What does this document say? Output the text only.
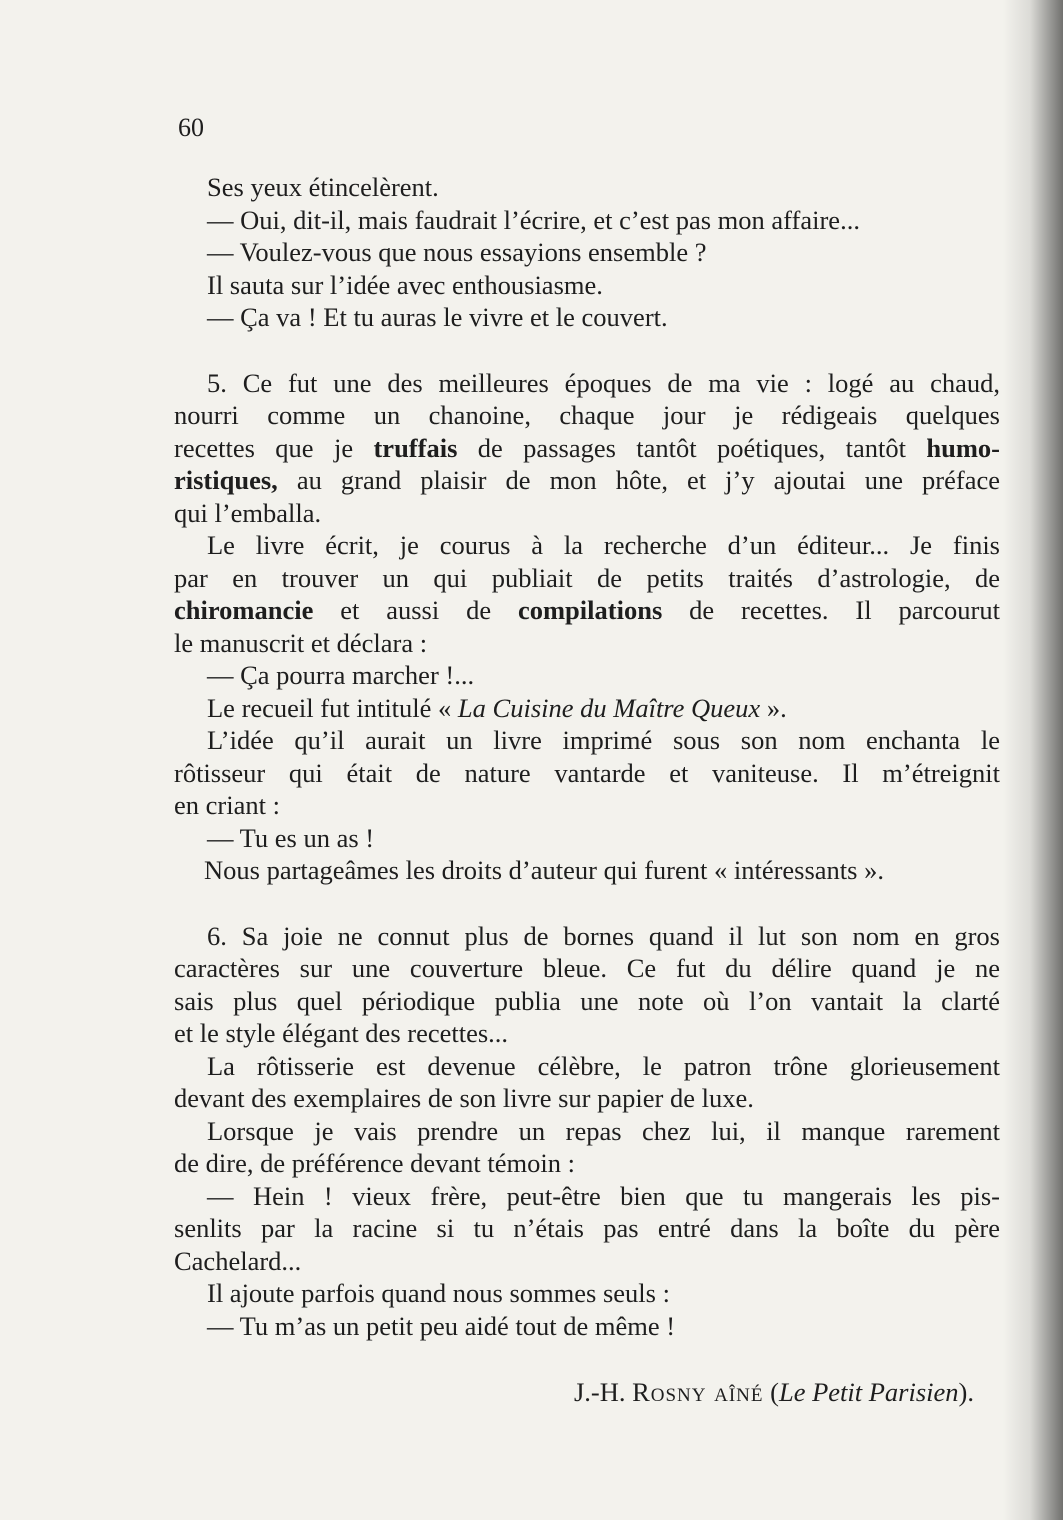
60
Ses yeux étincelèrent.
— Oui, dit-il, mais faudrait l’écrire, et c’est pas mon affaire...
— Voulez-vous que nous essayions ensemble ?
Il sauta sur l’idée avec enthousiasme.
— Ça va ! Et tu auras le vivre et le couvert.
5. Ce fut une des meilleures époques de ma vie : logé au chaud,
nourri comme un chanoine, chaque jour je rédigeais quelques
recettes que je truffais de passages tantôt poétiques, tantôt humo-
ristiques, au grand plaisir de mon hôte, et j’y ajoutai une préface
qui l’emballa.
Le livre écrit, je courus à la recherche d’un éditeur... Je finis
par en trouver un qui publiait de petits traités d’astrologie, de
chiromancie et aussi de compilations de recettes. Il parcourut
le manuscrit et déclara :
— Ça pourra marcher !...
Le recueil fut intitulé « La Cuisine du Maître Queux ».
L’idée qu’il aurait un livre imprimé sous son nom enchanta le
rôtisseur qui était de nature vantarde et vaniteuse. Il m’étreignit
en criant :
— Tu es un as !
Nous partageâmes les droits d’auteur qui furent « intéressants ».
6. Sa joie ne connut plus de bornes quand il lut son nom en gros
caractères sur une couverture bleue. Ce fut du délire quand je ne
sais plus quel périodique publia une note où l’on vantait la clarté
et le style élégant des recettes...
La rôtisserie est devenue célèbre, le patron trône glorieusement
devant des exemplaires de son livre sur papier de luxe.
Lorsque je vais prendre un repas chez lui, il manque rarement
de dire, de préférence devant témoin :
— Hein ! vieux frère, peut-être bien que tu mangerais les pis-
senlits par la racine si tu n’étais pas entré dans la boîte du père
Cachelard...
Il ajoute parfois quand nous sommes seuls :
— Tu m’as un petit peu aidé tout de même !
J.-H. Rosny aîné (Le Petit Parisien).
